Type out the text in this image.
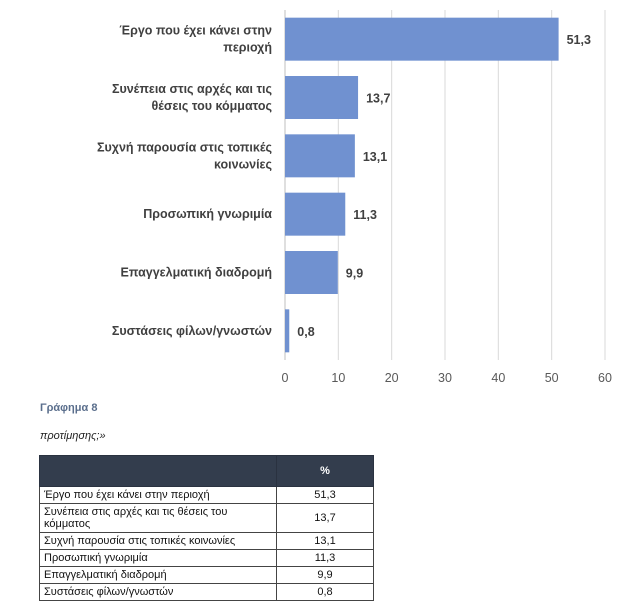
0	10	20	30	40	50	60
Έργο που έχει κάνει στην
περιοχή
51,3
Συνέπεια στις αρχές και τις
θέσεις του κόμματος
13,7
Συχνή παρουσία στις τοπικές
κοινωνίες
13,1
Προσωπική γνωριμία	11,3
Επαγγελματική διαδρομή	9,9
Συστάσεις φίλων/γνωστών 0,8
Γράφημα 8
προτίμησης;»
	%
Έργο που έχει κάνει στην περιοχή	51,3
Συνέπεια στις αρχές και τις θέσεις του κόμματος	13,7
Συχνή παρουσία στις τοπικές κοινωνίες	13,1
Προσωπική γνωριμία	11,3
Επαγγελματική διαδρομή	9,9
Συστάσεις φίλων/γνωστών	0,8
